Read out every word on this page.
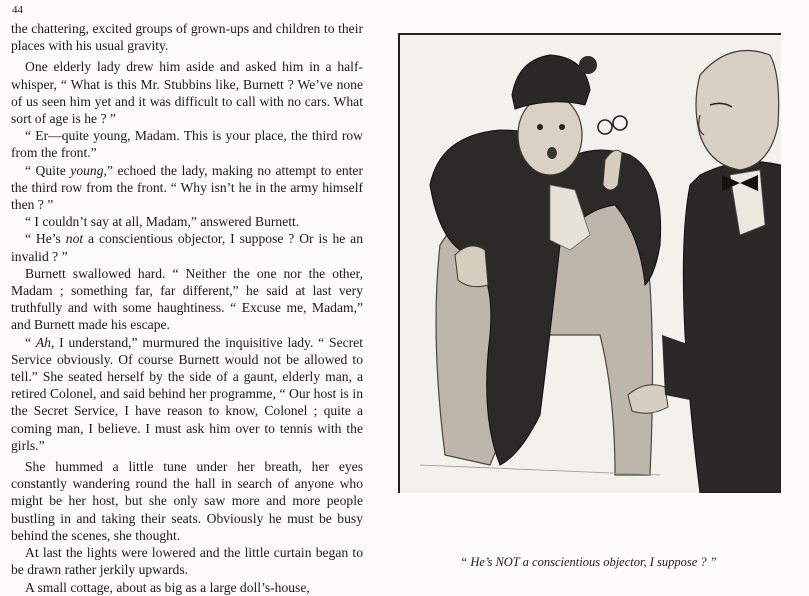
44

the chattering, excited groups of grown-ups and children to their places with his usual gravity.

One elderly lady drew him aside and asked him in a half-whisper, “ What is this Mr. Stubbins like, Burnett ? We’ve none of us seen him yet and it was difficult to call with no cars. What sort of age is he ? ”

“ Er—quite young, Madam. This is your place, the third row from the front.”

“ Quite young,” echoed the lady, making no attempt to enter the third row from the front. “ Why isn’t he in the army himself then ? ”

“ I couldn’t say at all, Madam,” answered Burnett.

“ He’s not a conscientious objector, I suppose ? Or is he an invalid ? ”

Burnett swallowed hard. “ Neither the one nor the other, Madam ; something far, far different,” he said at last very truthfully and with some haughtiness. “ Excuse me, Madam,” and Burnett made his escape.

“ Ah, I understand,” murmured the inquisitive lady. “ Secret Service obviously. Of course Burnett would not be allowed to tell.” She seated herself by the side of a gaunt, elderly man, a retired Colonel, and said behind her programme, “ Our host is in the Secret Service, I have reason to know, Colonel ; quite a coming man, I believe. I must ask him over to tennis with the girls.”

She hummed a little tune under her breath, her eyes constantly wandering round the hall in search of anyone who might be her host, but she only saw more and more people bustling in and taking their seats. Obviously he must be busy behind the scenes, she thought.

At last the lights were lowered and the little curtain began to be drawn rather jerkily upwards.

A small cottage, about as big as a large doll’s-house,

“ He’s NOT a conscientious objector, I suppose ? ”
